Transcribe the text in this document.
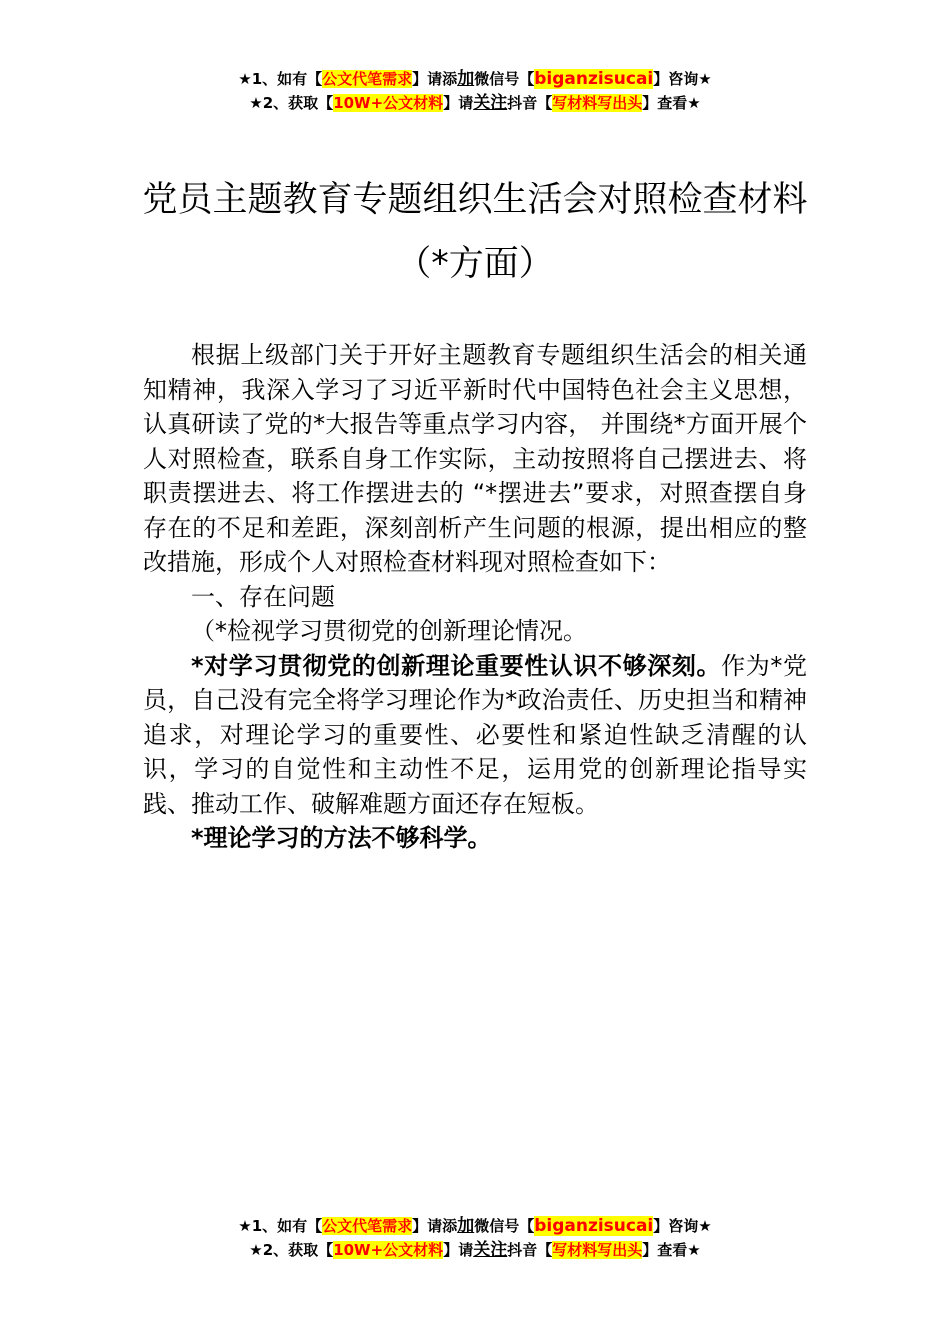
★1、如有【公文代笔需求】请添加微信号【biganzisucai】咨询★
★2、获取【10W+公文材料】请关注抖音【写材料写出头】查看★
党员主题教育专题组织生活会对照检查材料（*方面）

根据上级部门关于开好主题教育专题组织生活会的相关通知精神，我深入学习了习近平新时代中国特色社会主义思想，认真研读了党的*大报告等重点学习内容， 并围绕*方面开展个人对照检查，联系自身工作实际，主动按照将自己摆进去、将职责摆进去、将工作摆进去的 “*摆进去”要求，对照查摆自身存在的不足和差距，深刻剖析产生问题的根源，提出相应的整改措施，形成个人对照检查材料现对照检查如下：

一、存在问题

（*检视学习贯彻党的创新理论情况。

*对学习贯彻党的创新理论重要性认识不够深刻。作为*党员，自己没有完全将学习理论作为*政治责任、历史担当和精神追求，对理论学习的重要性、必要性和紧迫性缺乏清醒的认识，学习的自觉性和主动性不足，运用党的创新理论指导实践、推动工作、破解难题方面还存在短板。

*理论学习的方法不够科学。

★1、如有【公文代笔需求】请添加微信号【biganzisucai】咨询★
★2、获取【10W+公文材料】请关注抖音【写材料写出头】查看★
